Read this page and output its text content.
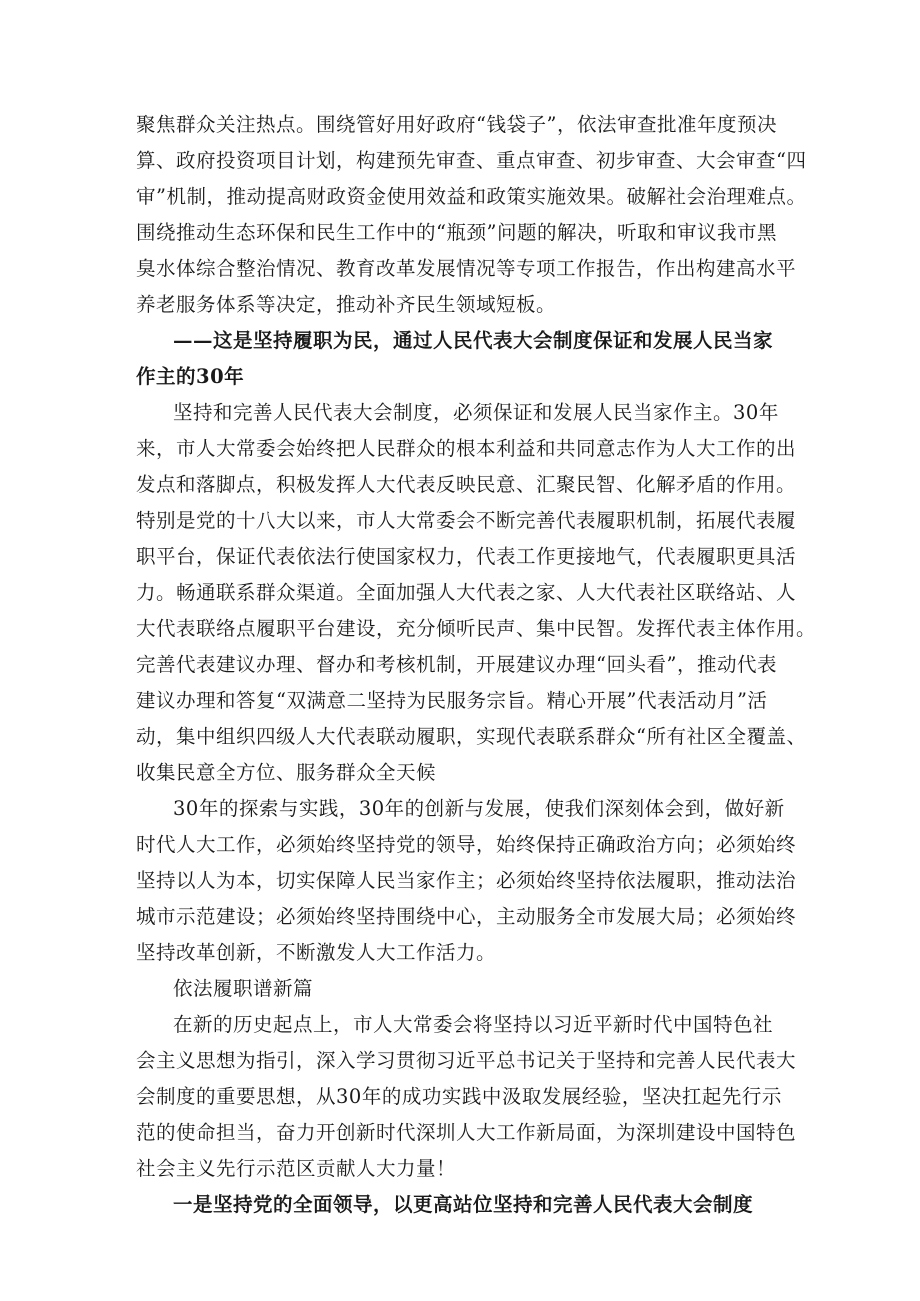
聚焦群众关注热点。围绕管好用好政府“钱袋子”，依法审查批准年度预决
算、政府投资项目计划，构建预先审查、重点审查、初步审查、大会审查“四
审”机制，推动提高财政资金使用效益和政策实施效果。破解社会治理难点。
围绕推动生态环保和民生工作中的“瓶颈”问题的解决，听取和审议我市黑
臭水体综合整治情况、教育改革发展情况等专项工作报告，作出构建高水平
养老服务体系等决定，推动补齐民生领域短板。
——这是坚持履职为民，通过人民代表大会制度保证和发展人民当家
作主的30年
坚持和完善人民代表大会制度，必须保证和发展人民当家作主。30年
来，市人大常委会始终把人民群众的根本利益和共同意志作为人大工作的出
发点和落脚点，积极发挥人大代表反映民意、汇聚民智、化解矛盾的作用。
特别是党的十八大以来，市人大常委会不断完善代表履职机制，拓展代表履
职平台，保证代表依法行使国家权力，代表工作更接地气，代表履职更具活
力。畅通联系群众渠道。全面加强人大代表之家、人大代表社区联络站、人
大代表联络点履职平台建设，充分倾听民声、集中民智。发挥代表主体作用。
完善代表建议办理、督办和考核机制，开展建议办理“回头看”，推动代表
建议办理和答复“双满意二坚持为民服务宗旨。精心开展”代表活动月”活
动，集中组织四级人大代表联动履职，实现代表联系群众“所有社区全覆盖、
收集民意全方位、服务群众全天候
30年的探索与实践，30年的创新与发展，使我们深刻体会到，做好新
时代人大工作，必须始终坚持党的领导，始终保持正确政治方向；必须始终
坚持以人为本，切实保障人民当家作主；必须始终坚持依法履职，推动法治
城市示范建设；必须始终坚持围绕中心，主动服务全市发展大局；必须始终
坚持改革创新，不断激发人大工作活力。
依法履职谱新篇
在新的历史起点上，市人大常委会将坚持以习近平新时代中国特色社
会主义思想为指引，深入学习贯彻习近平总书记关于坚持和完善人民代表大
会制度的重要思想，从30年的成功实践中汲取发展经验，坚决扛起先行示
范的使命担当，奋力开创新时代深圳人大工作新局面，为深圳建设中国特色
社会主义先行示范区贡献人大力量！
一是坚持党的全面领导，以更高站位坚持和完善人民代表大会制度
